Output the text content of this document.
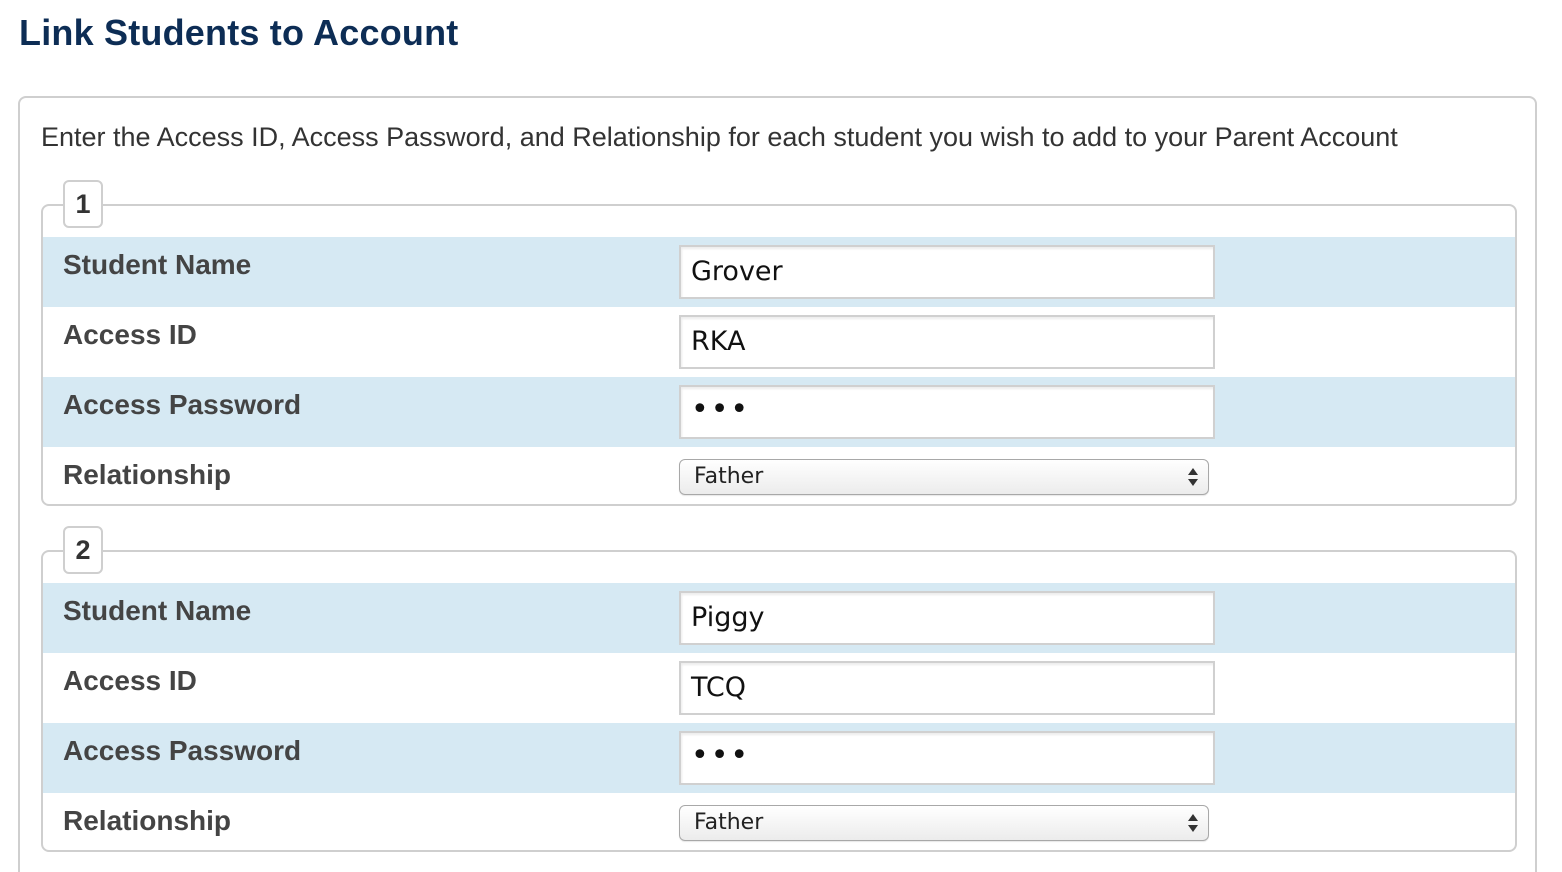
Link Students to Account
Enter the Access ID, Access Password, and Relationship for each student you wish to add to your Parent Account
1
Student Name	Grover
Access ID	RKA
Access Password	•••
Relationship	Father
2
Student Name	Piggy
Access ID	TCQ
Access Password	•••
Relationship	Father
